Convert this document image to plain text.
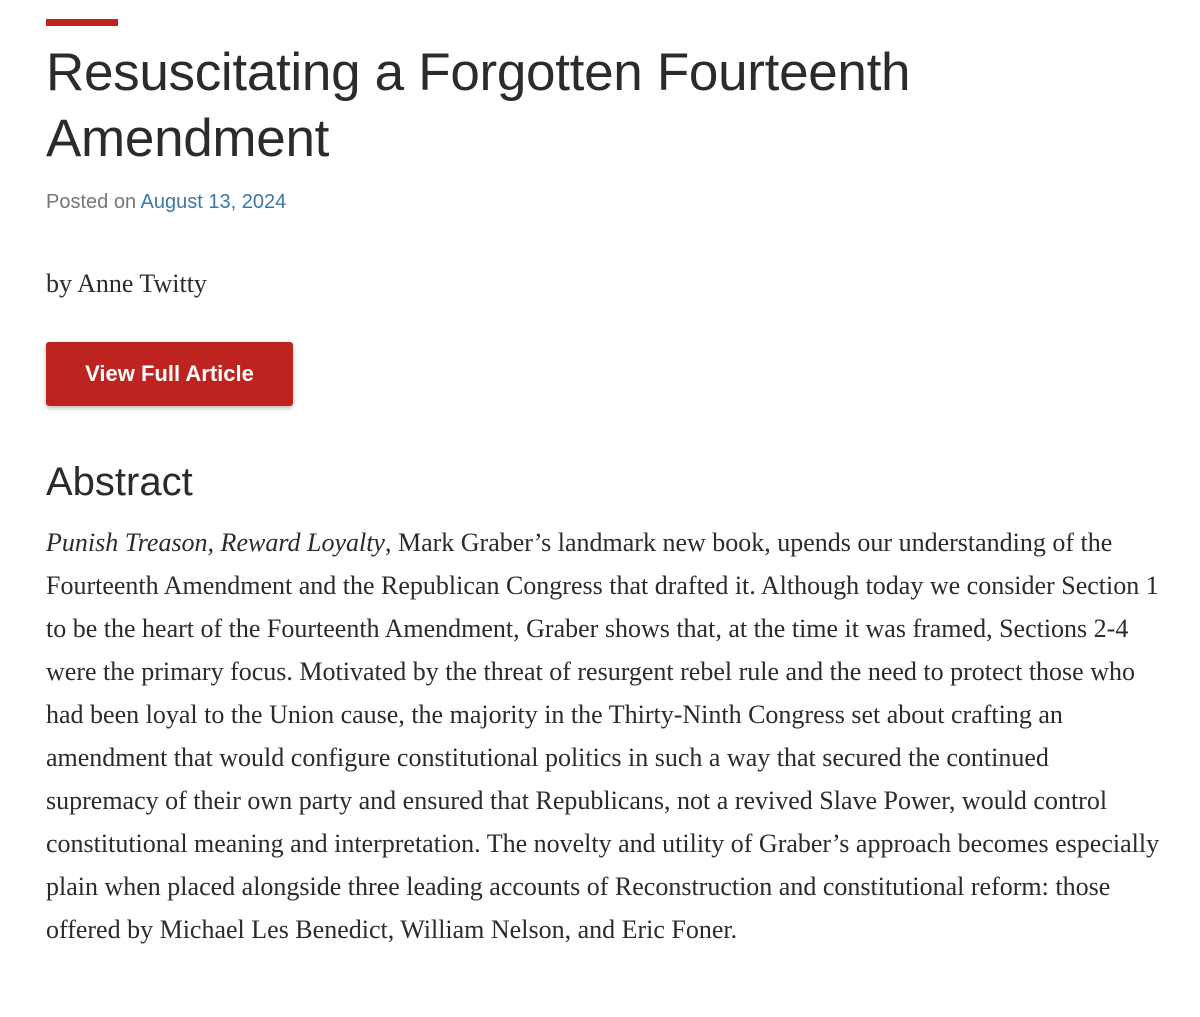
Resuscitating a Forgotten Fourteenth Amendment
Posted on August 13, 2024
by Anne Twitty
View Full Article
Abstract

Punish Treason, Reward Loyalty, Mark Graber’s landmark new book, upends our understanding of the Fourteenth Amendment and the Republican Congress that drafted it. Although today we consider Section 1 to be the heart of the Fourteenth Amendment, Graber shows that, at the time it was framed, Sections 2-4 were the primary focus. Motivated by the threat of resurgent rebel rule and the need to protect those who had been loyal to the Union cause, the majority in the Thirty-Ninth Congress set about crafting an amendment that would configure constitutional politics in such a way that secured the continued supremacy of their own party and ensured that Republicans, not a revived Slave Power, would control constitutional meaning and interpretation. The novelty and utility of Graber’s approach becomes especially plain when placed alongside three leading accounts of Reconstruction and constitutional reform: those offered by Michael Les Benedict, William Nelson, and Eric Foner.
